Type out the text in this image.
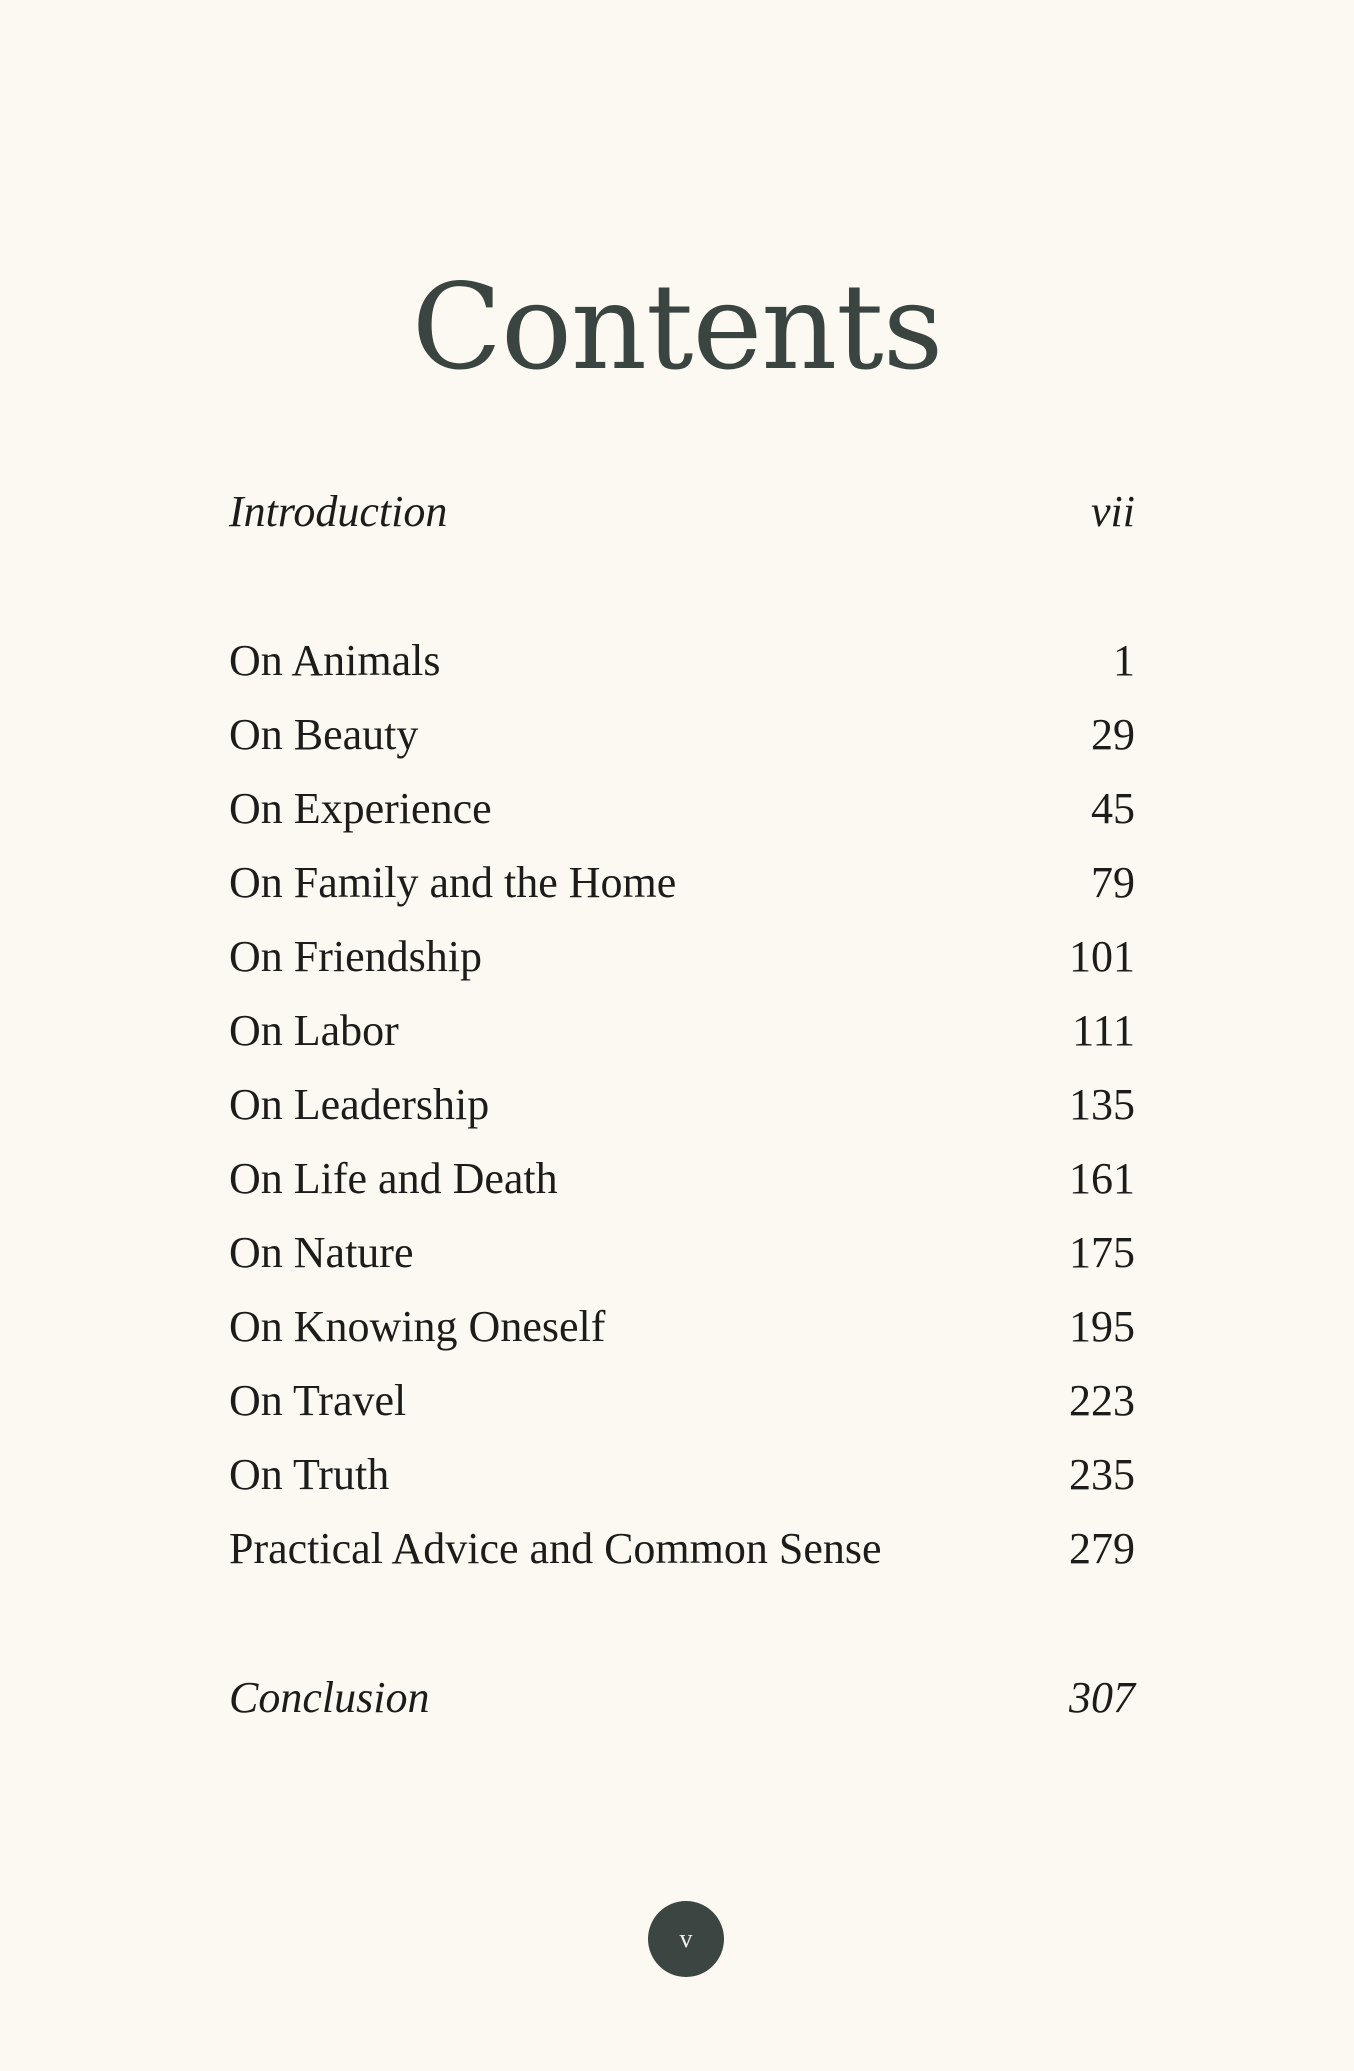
Contents
Introduction	vii
On Animals	1
On Beauty	29
On Experience	45
On Family and the Home	79
On Friendship	101
On Labor	111
On Leadership	135
On Life and Death	161
On Nature	175
On Knowing Oneself	195
On Travel	223
On Truth	235
Practical Advice and Common Sense	279
Conclusion	307
v
